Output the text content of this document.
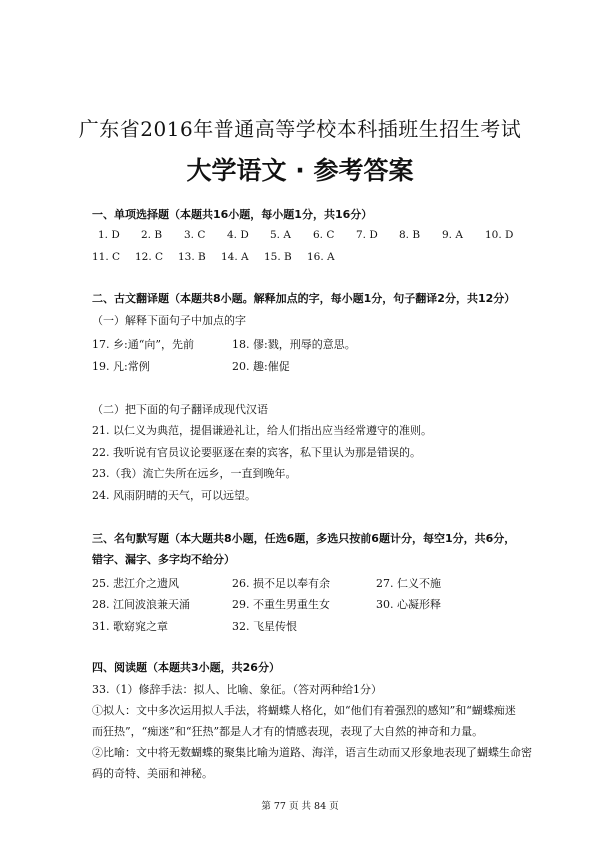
广东省2016年普通高等学校本科插班生招生考试
大学语文 · 参考答案
一、单项选择题（本题共16小题，每小题1分，共16分）
1. D 2. B 3. C 4. D 5. A 6. C 7. D 8. B 9. A 10. D
11. C 12. C 13. B 14. A 15. B 16. A
二、古文翻译题（本题共8小题。解释加点的字，每小题1分，句子翻译2分，共12分）
（一）解释下面句子中加点的字
17. 乡:通“向”，先前	18. 僇:戮，刑辱的意思。
19. 凡:常例	20. 趣:催促
（二）把下面的句子翻译成现代汉语
21. 以仁义为典范，提倡谦逊礼让，给人们指出应当经常遵守的准则。
22. 我听说有官员议论要驱逐在秦的宾客，私下里认为那是错误的。
23.（我）流亡失所在远乡，一直到晚年。
24. 风雨阴晴的天气，可以远望。
三、名句默写题（本大题共8小题，任选6题，多选只按前6题计分，每空1分，共6分，
错字、漏字、多字均不给分）
25. 悲江介之遗风	26. 损不足以奉有余	27. 仁义不施
28. 江间波浪兼天涌	29. 不重生男重生女	30. 心凝形释
31. 歌窈窕之章	32. 飞星传恨
四、阅读题（本题共3小题，共26分）
33.（1）修辞手法：拟人、比喻、象征。（答对两种给1分）
①拟人：文中多次运用拟人手法，将蝴蝶人格化，如“他们有着强烈的感知”和“蝴蝶痴迷
而狂热”，“痴迷”和“狂热”都是人才有的情感表现，表现了大自然的神奇和力量。
②比喻：文中将无数蝴蝶的聚集比喻为道路、海洋，语言生动而又形象地表现了蝴蝶生命密
码的奇特、美丽和神秘。
第 77 页 共 84 页
